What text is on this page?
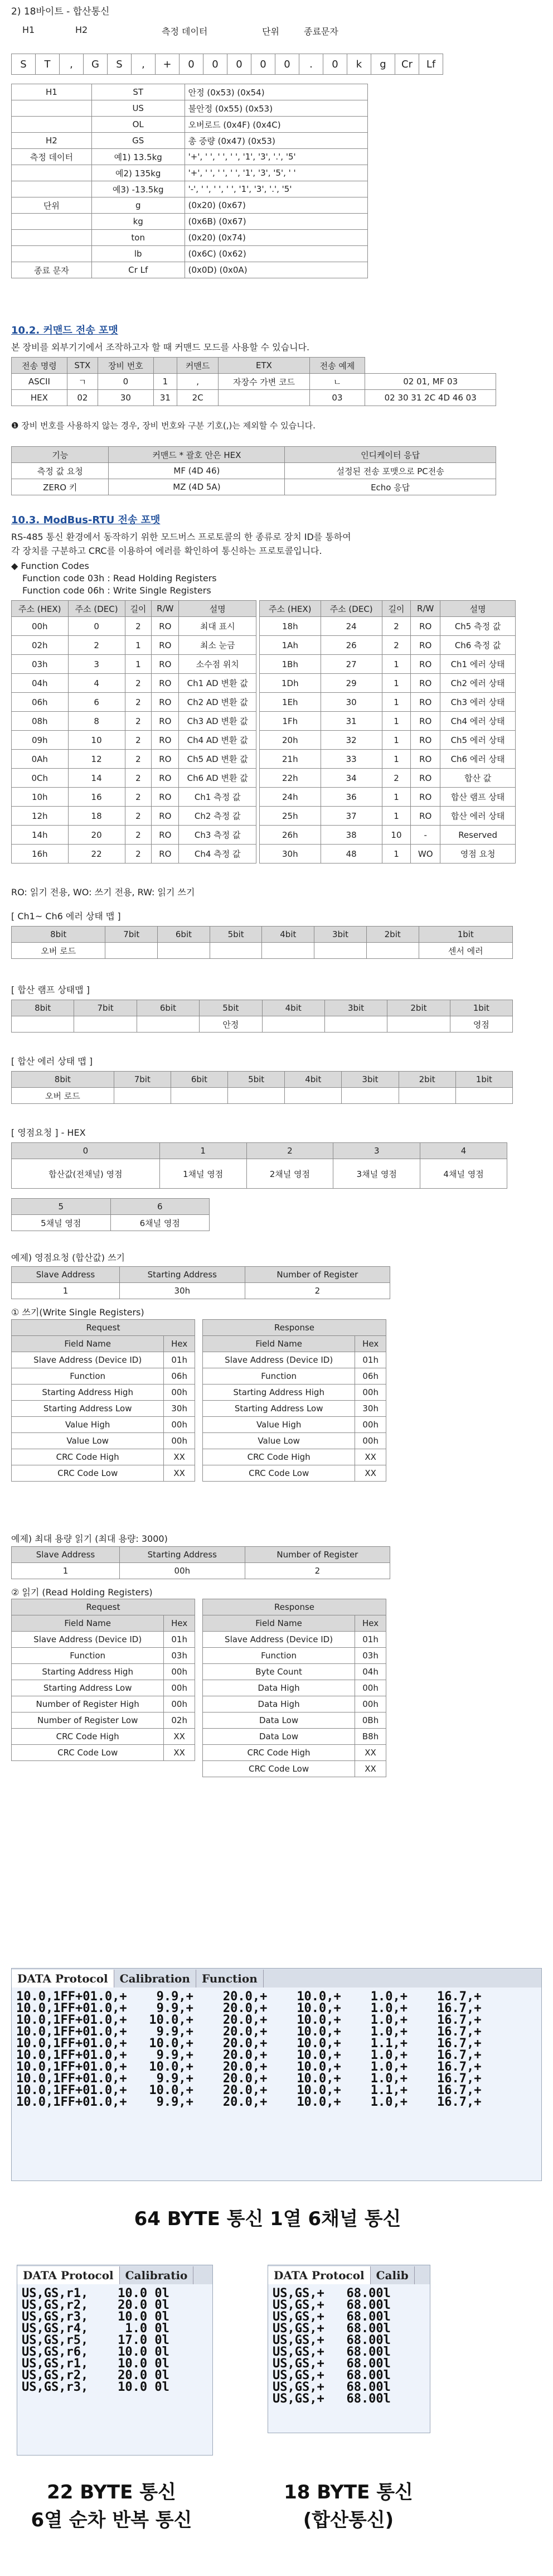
2) 18바이트 - 합산통신
H1	H2	측정 데이터	단위	종료문자
S	T	,	G	S	,	+	0	0	0	0	0	.	0	k	g	Cr	Lf
H1	ST	안정 (0x53) (0x54)
	US	불안정 (0x55) (0x53)
	OL	오버로드 (0x4F) (0x4C)
H2	GS	총 중량 (0x47) (0x53)
측정 데이터	예1) 13.5kg	'+', ' ', ' ', ' ', '1', '3', '.', '5'
	예2) 135kg	'+', ' ', ' ', ' ', '1', '3', '5', ' '
	예3) -13.5kg	'-', ' ', ' ', ' ', '1', '3', '.', '5'
단위	g	(0x20) (0x67)
	kg	(0x6B) (0x67)
	ton	(0x20) (0x74)
	lb	(0x6C) (0x62)
종료 문자	Cr Lf	(0x0D) (0x0A)
10.2. 커맨드 전송 포맷
본 장비를 외부기기에서 조작하고자 할 때 커맨드 모드를 사용할 수 있습니다.
전송 명령	STX	장비 번호		커맨드	ETX	전송 예제	
ASCII	ㄱ	0	1	,	자장수 가변 코드	ㄴ	02 01, MF 03
HEX	02	30	31	2C		03	02 30 31 2C 4D 46 03
❶ 장비 번호를 사용하지 않는 경우, 장비 번호와 구분 기호(,)는 제외할 수 있습니다.
기능	커맨드 * 괄호 안은 HEX	인디케이터 응답
측정 값 요청	MF (4D 46)	설정된 전송 포맷으로 PC전송
ZERO 키	MZ (4D 5A)	Echo 응답
10.3. ModBus-RTU 전송 포맷
RS-485 통신 환경에서 동작하기 위한 모드버스 프로토콜의 한 종류로 장치 ID를 통하여
각 장치를 구분하고 CRC를 이용하여 에러를 확인하여 통신하는 프로토콜입니다.
◆ Function Codes
Function code 03h : Read Holding Registers
Function code 06h : Write Single Registers
주소 (HEX)	주소 (DEC)	길이	R/W	설명
00h	0	2	RO	최대 표시
02h	2	1	RO	최소 눈금
03h	3	1	RO	소수점 위치
04h	4	2	RO	Ch1 AD 변환 값
06h	6	2	RO	Ch2 AD 변환 값
08h	8	2	RO	Ch3 AD 변환 값
09h	10	2	RO	Ch4 AD 변환 값
0Ah	12	2	RO	Ch5 AD 변환 값
0Ch	14	2	RO	Ch6 AD 변환 값
10h	16	2	RO	Ch1 측정 값
12h	18	2	RO	Ch2 측정 값
14h	20	2	RO	Ch3 측정 값
16h	22	2	RO	Ch4 측정 값
주소 (HEX)	주소 (DEC)	길이	R/W	설명
18h	24	2	RO	Ch5 측정 값
1Ah	26	2	RO	Ch6 측정 값
1Bh	27	1	RO	Ch1 에러 상태
1Dh	29	1	RO	Ch2 에러 상태
1Eh	30	1	RO	Ch3 에러 상태
1Fh	31	1	RO	Ch4 에러 상태
20h	32	1	RO	Ch5 에러 상태
21h	33	1	RO	Ch6 에러 상태
22h	34	2	RO	합산 값
24h	36	1	RO	합산 램프 상태
25h	37	1	RO	합산 에러 상태
26h	38	10	-	Reserved
30h	48	1	WO	영점 요청
RO: 읽기 전용, WO: 쓰기 전용, RW: 읽기 쓰기
[ Ch1~ Ch6 에러 상태 맵 ]
8bit	7bit	6bit	5bit	4bit	3bit	2bit	1bit
오버 로드							센서 에러
[ 합산 램프 상태맵 ]
8bit	7bit	6bit	5bit	4bit	3bit	2bit	1bit
			안정				영점
[ 합산 에러 상태 맵 ]
8bit	7bit	6bit	5bit	4bit	3bit	2bit	1bit
오버 로드							
[ 영점요청 ] - HEX
0	1	2	3	4
합산값(전채널) 영점	1채널 영점	2채널 영점	3채널 영점	4채널 영점
5	6
5채널 영점	6채널 영점
예제) 영점요청 (합산값) 쓰기
Slave Address	Starting Address	Number of Register
1	30h	2
① 쓰기(Write Single Registers)
Request	
Field Name	Hex
Slave Address (Device ID)	01h
Function	06h
Starting Address High	00h
Starting Address Low	30h
Value High	00h
Value Low	00h
CRC Code High	XX
CRC Code Low	XX
Response	
Field Name	Hex
Slave Address (Device ID)	01h
Function	06h
Starting Address High	00h
Starting Address Low	30h
Value High	00h
Value Low	00h
CRC Code High	XX
CRC Code Low	XX
예제) 최대 용량 읽기 (최대 용량: 3000)
Slave Address	Starting Address	Number of Register
1	00h	2
② 읽기 (Read Holding Registers)
Request	
Field Name	Hex
Slave Address (Device ID)	01h
Function	03h
Starting Address High	00h
Starting Address Low	00h
Number of Register High	00h
Number of Register Low	02h
CRC Code High	XX
CRC Code Low	XX
Response	
Field Name	Hex
Slave Address (Device ID)	01h
Function	03h
Byte Count	04h
Data High	00h
Data High	00h
Data Low	0Bh
Data Low	B8h
CRC Code High	XX
CRC Code Low	XX
DATA Protocol	Calibration	Function
10.0,1FF+01.0,+    9.9,+    20.0,+    10.0,+    1.0,+    16.7,+
10.0,1FF+01.0,+    9.9,+    20.0,+    10.0,+    1.0,+    16.7,+
10.0,1FF+01.0,+   10.0,+    20.0,+    10.0,+    1.0,+    16.7,+
10.0,1FF+01.0,+    9.9,+    20.0,+    10.0,+    1.0,+    16.7,+
10.0,1FF+01.0,+   10.0,+    20.0,+    10.0,+    1.1,+    16.7,+
10.0,1FF+01.0,+    9.9,+    20.0,+    10.0,+    1.0,+    16.7,+
10.0,1FF+01.0,+   10.0,+    20.0,+    10.0,+    1.0,+    16.7,+
10.0,1FF+01.0,+    9.9,+    20.0,+    10.0,+    1.0,+    16.7,+
10.0,1FF+01.0,+   10.0,+    20.0,+    10.0,+    1.1,+    16.7,+
10.0,1FF+01.0,+    9.9,+    20.0,+    10.0,+    1.0,+    16.7,+
64 BYTE 통신 1열 6채널 통신
DATA Protocol	Calibratio
US,GS,r1,    10.0 0l
US,GS,r2,    20.0 0l
US,GS,r3,    10.0 0l
US,GS,r4,     1.0 0l
US,GS,r5,    17.0 0l
US,GS,r6,    10.0 0l
US,GS,r1,    10.0 0l
US,GS,r2,    20.0 0l
US,GS,r3,    10.0 0l
22 BYTE 통신
6열 순차 반복 통신
DATA Protocol	Calib
US,GS,+   68.00l
US,GS,+   68.00l
US,GS,+   68.00l
US,GS,+   68.00l
US,GS,+   68.00l
US,GS,+   68.00l
US,GS,+   68.00l
US,GS,+   68.00l
US,GS,+   68.00l
US,GS,+   68.00l
18 BYTE 통신
(합산통신)
